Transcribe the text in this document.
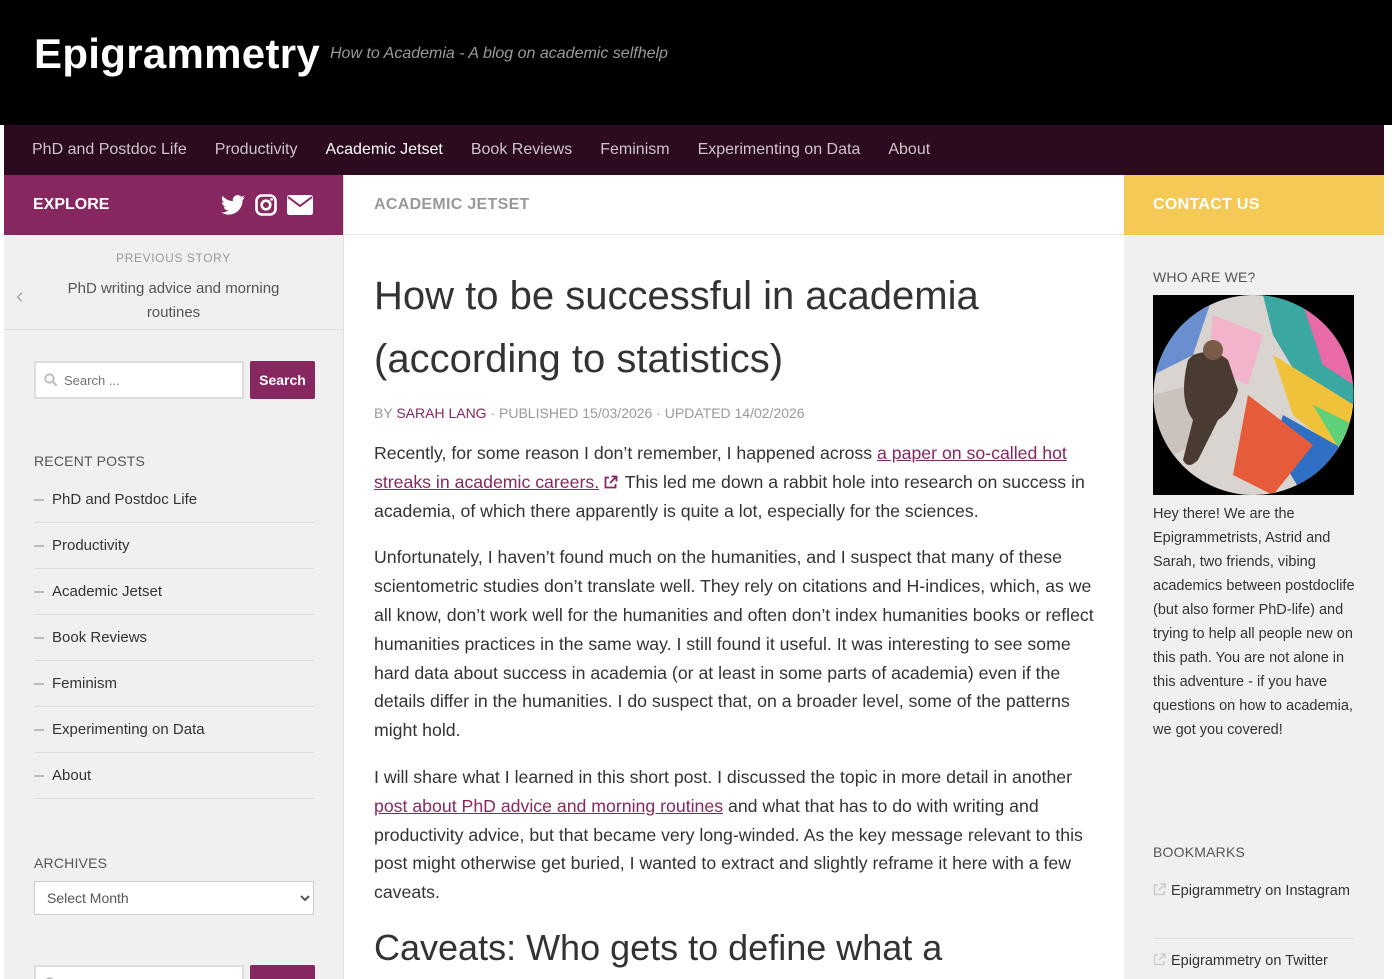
Epigrammetry How to Academia - A blog on academic selfhelp
PhD and Postdoc Life	Productivity	Academic Jetset	Book Reviews	Feminism	Experimenting on Data	About
EXPLORE
‹
PREVIOUS STORY
PhD writing advice and morning routines
Search ...
Search
RECENT POSTS
PhD and Postdoc Life
Productivity
Academic Jetset
Book Reviews
Feminism
Experimenting on Data
About
ARCHIVES
Select Month
ACADEMIC JETSET
How to be successful in academia (according to statistics)
BY SARAH LANG · PUBLISHED 15/03/2026 · UPDATED 14/02/2026

Recently, for some reason I don’t remember, I happened across a paper on so-called hot streaks in academic careers. This led me down a rabbit hole into research on success in academia, of which there apparently is quite a lot, especially for the sciences.

Unfortunately, I haven’t found much on the humanities, and I suspect that many of these scientometric studies don’t translate well. They rely on citations and H-indices, which, as we all know, don’t work well for the humanities and often don’t index humanities books or reflect humanities practices in the same way. I still found it useful. It was interesting to see some hard data about success in academia (or at least in some parts of academia) even if the details differ in the humanities. I do suspect that, on a broader level, some of the patterns might hold.

I will share what I learned in this short post. I discussed the topic in more detail in another post about PhD advice and morning routines and what that has to do with writing and productivity advice, but that became very long-winded. As the key message relevant to this post might otherwise get buried, I wanted to extract and slightly reframe it here with a few caveats.

Caveats: Who gets to define what a
CONTACT US
WHO ARE WE?

Hey there! We are the Epigrammetrists, Astrid and Sarah, two friends, vibing academics between postdoclife (but also former PhD-life) and trying to help all people new on this path. You are not alone in this adventure - if you have questions on how to academia, we got you covered!

BOOKMARKS
Epigrammetry on Instagram
Epigrammetry on Twitter
